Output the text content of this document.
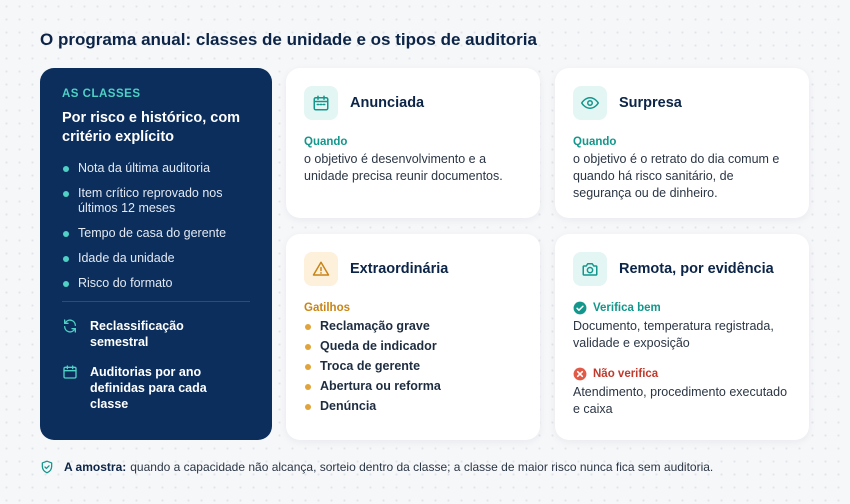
O programa anual: classes de unidade e os tipos de auditoria
AS CLASSES
Por risco e histórico, com critério explícito
Nota da última auditoria
Item crítico reprovado nos últimos 12 meses
Tempo de casa do gerente
Idade da unidade
Risco do formato
Reclassificação semestral
Auditorias por ano definidas para cada classe
Anunciada
Quando
o objetivo é desenvolvimento e a unidade precisa reunir documentos.
Surpresa
Quando
o objetivo é o retrato do dia comum e quando há risco sanitário, de segurança ou de dinheiro.
Extraordinária
Gatilhos
Reclamação grave
Queda de indicador
Troca de gerente
Abertura ou reforma
Denúncia
Remota, por evidência
Verifica bem
Documento, temperatura registrada, validade e exposição
Não verifica
Atendimento, procedimento executado e caixa
A amostra: quando a capacidade não alcança, sorteio dentro da classe; a classe de maior risco nunca fica sem auditoria.
